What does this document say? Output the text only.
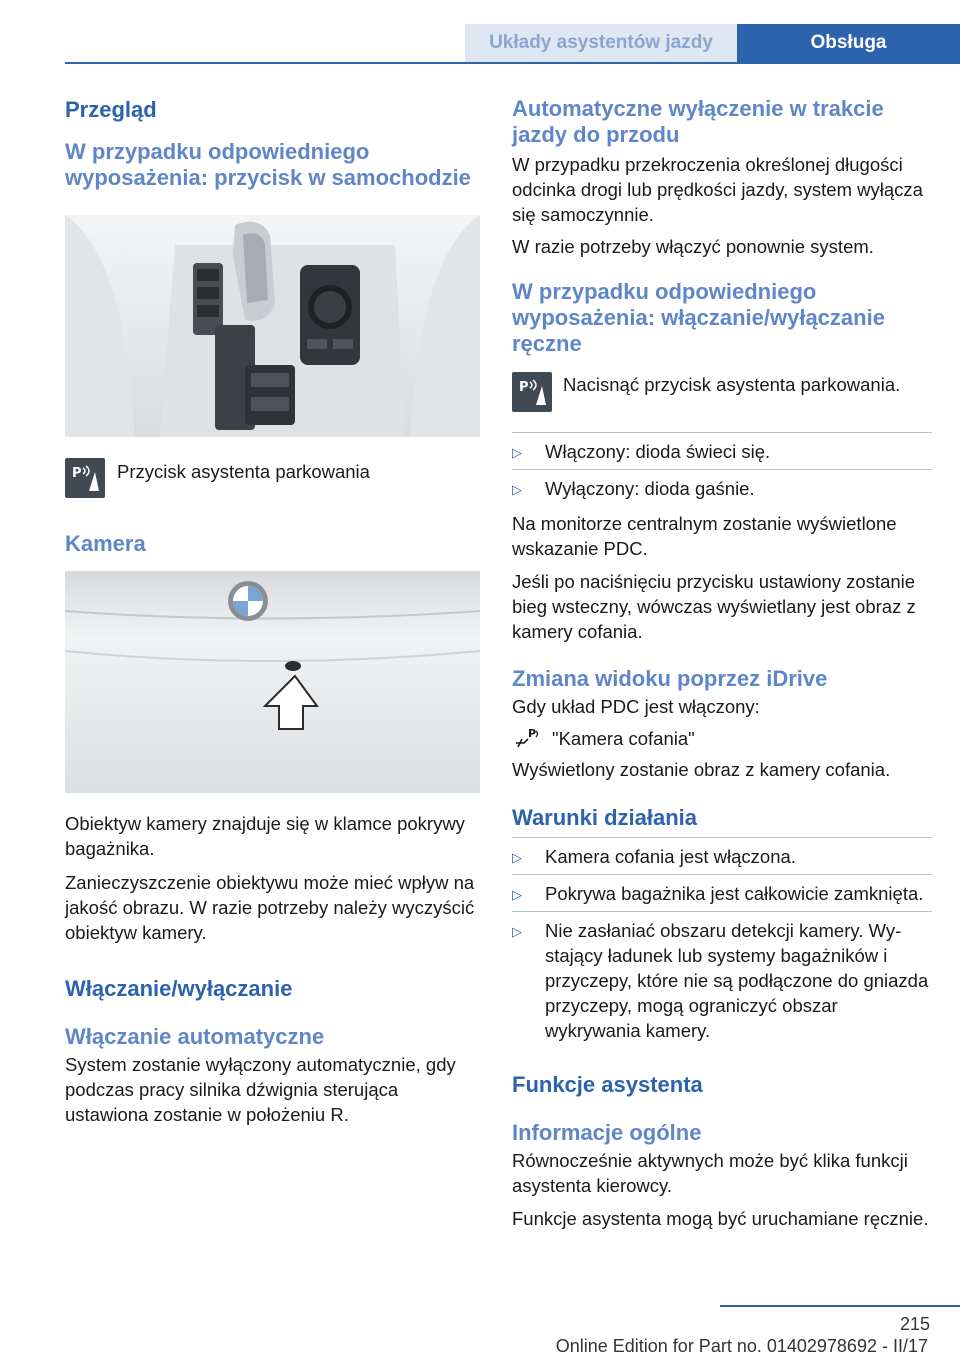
Układy asystentów jazdy	Obsługa
Przegląd
W przypadku odpowiedniego wyposażenia: przycisk w samochodzie
P Przycisk asystenta parkowania
Kamera
Obiektyw kamery znajduje się w klamce pokrywy bagażnika.
Zanieczyszczenie obiektywu może mieć wpływ na jakość obrazu. W razie potrzeby należy wyczyścić obiektyw kamery.
Włączanie/wyłączanie
Włączanie automatyczne
System zostanie wyłączony automatycznie, gdy podczas pracy silnika dźwignia sterująca ustawiona zostanie w położeniu R.
Automatyczne wyłączenie w trakcie jazdy do przodu
W przypadku przekroczenia określonej długości odcinka drogi lub prędkości jazdy, system wyłącza się samoczynnie.
W razie potrzeby włączyć ponownie system.
W przypadku odpowiedniego wyposażenia: włączanie/wyłączanie ręczne
P Nacisnąć przycisk asystenta parkowania.
▷	Włączony: dioda świeci się.
▷	Wyłączony: dioda gaśnie.
Na monitorze centralnym zostanie wyświetlone wskazanie PDC.
Jeśli po naciśnięciu przycisku ustawiony zostanie bieg wsteczny, wówczas wyświetlany jest obraz z kamery cofania.
Zmiana widoku poprzez iDrive
Gdy układ PDC jest włączony:
P "Kamera cofania"
Wyświetlony zostanie obraz z kamery cofania.
Warunki działania
▷	Kamera cofania jest włączona.
▷	Pokrywa bagażnika jest całkowicie zamknięta.
▷	Nie zasłaniać obszaru detekcji kamery. Wystający ładunek lub systemy bagażników i przyczepy, które nie są podłączone do gniazda przyczepy, mogą ograniczyć obszar wykrywania kamery.
Funkcje asystenta
Informacje ogólne
Równocześnie aktywnych może być klika funkcji asystenta kierowcy.
Funkcje asystenta mogą być uruchamiane ręcznie.
215
Online Edition for Part no. 01402978692 - II/17
